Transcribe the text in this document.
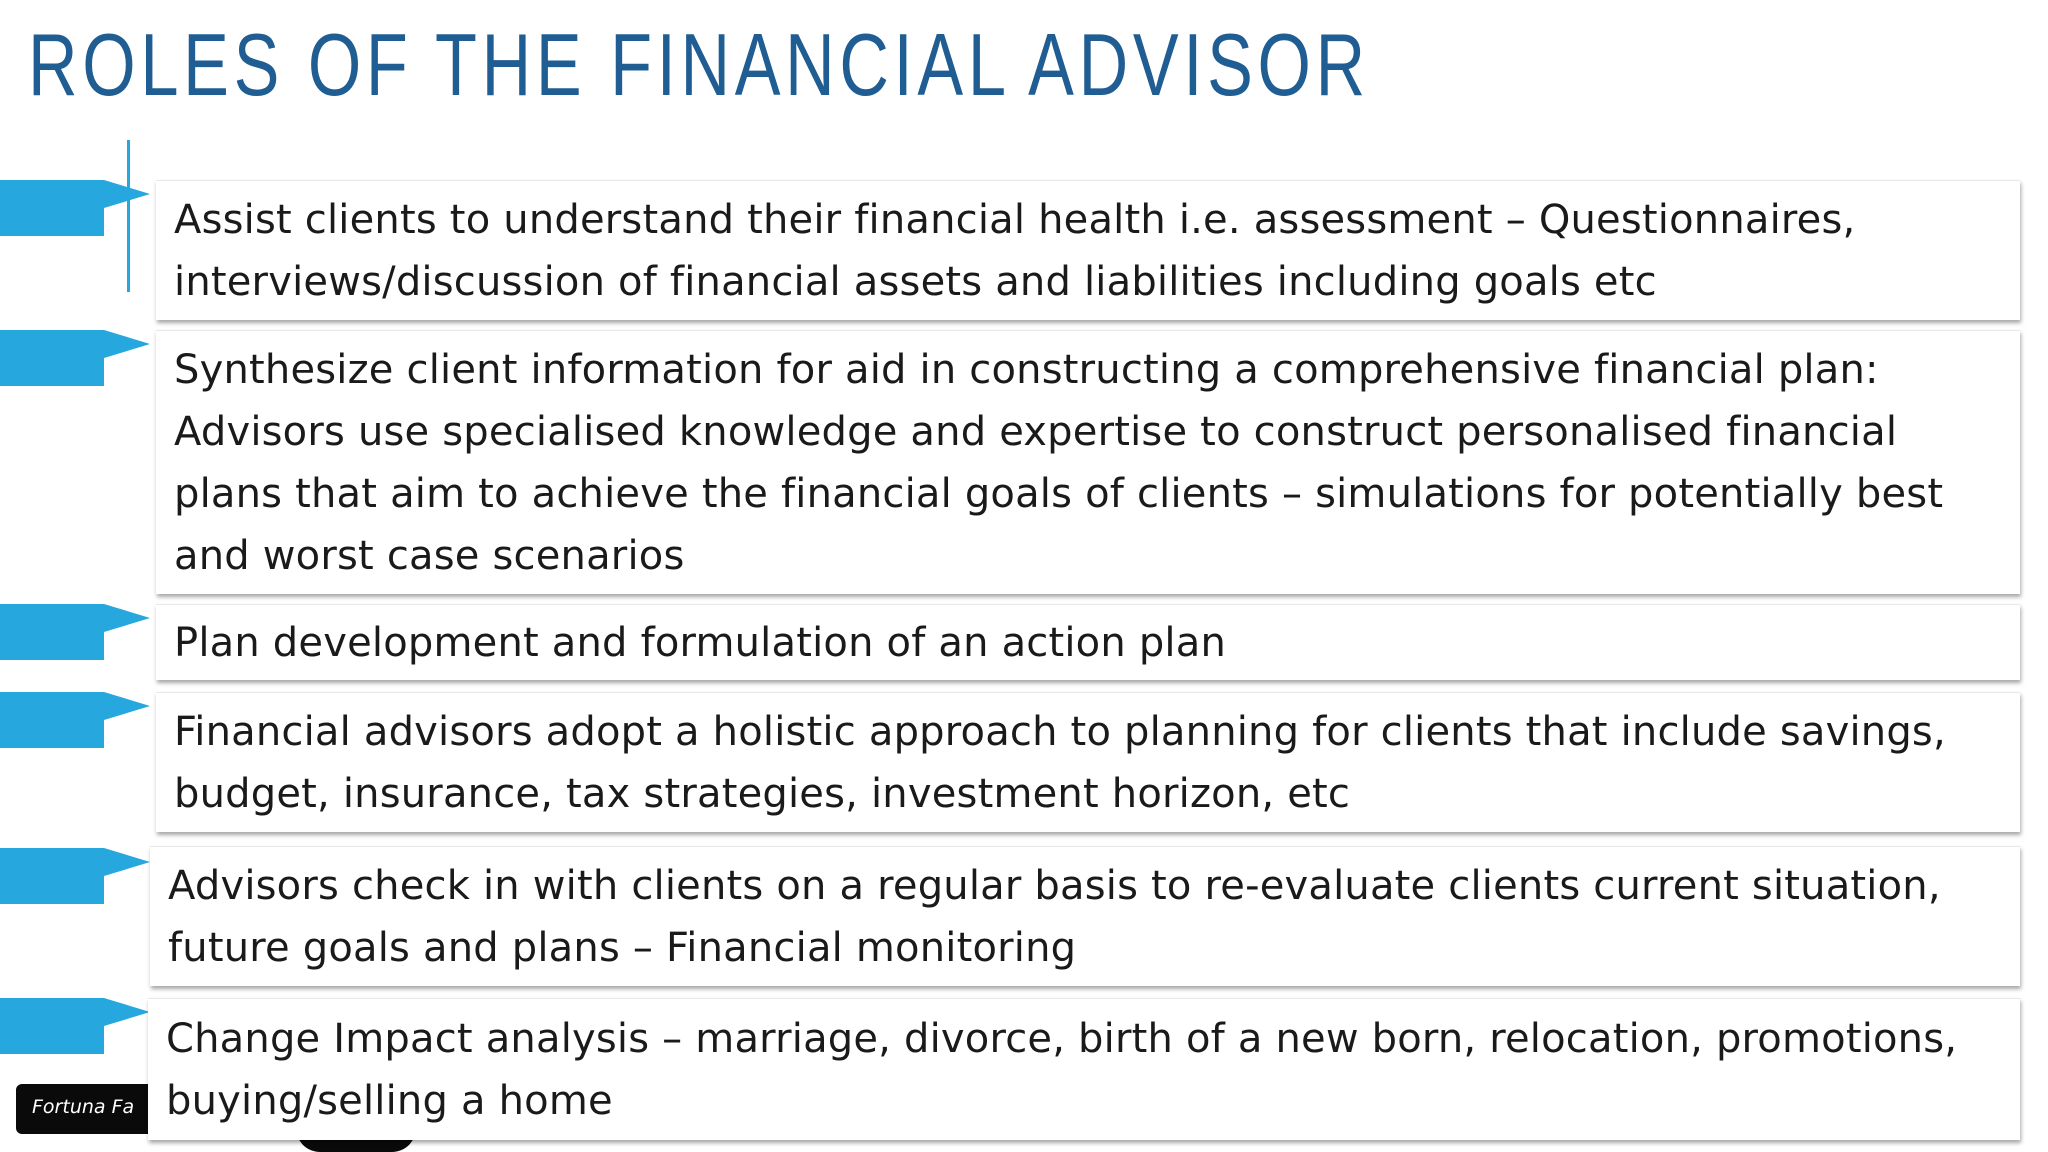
ROLES OF THE FINANCIAL ADVISOR
Assist clients to understand their financial health i.e. assessment – Questionnaires, interviews/discussion of financial assets and liabilities including goals etc
Synthesize client information for aid in constructing a comprehensive financial plan: Advisors use specialised knowledge and expertise to construct personalised financial plans that aim to achieve the financial goals of clients – simulations for potentially best and worst case scenarios
Plan development and formulation of an action plan
Financial advisors adopt a holistic approach to planning for clients that include savings, budget, insurance, tax strategies, investment horizon, etc
Advisors check in with clients on a regular basis to re-evaluate clients current situation, future goals and plans – Financial monitoring
Fortuna Fa
Change Impact analysis – marriage, divorce, birth of a new born, relocation, promotions, buying/selling a home
